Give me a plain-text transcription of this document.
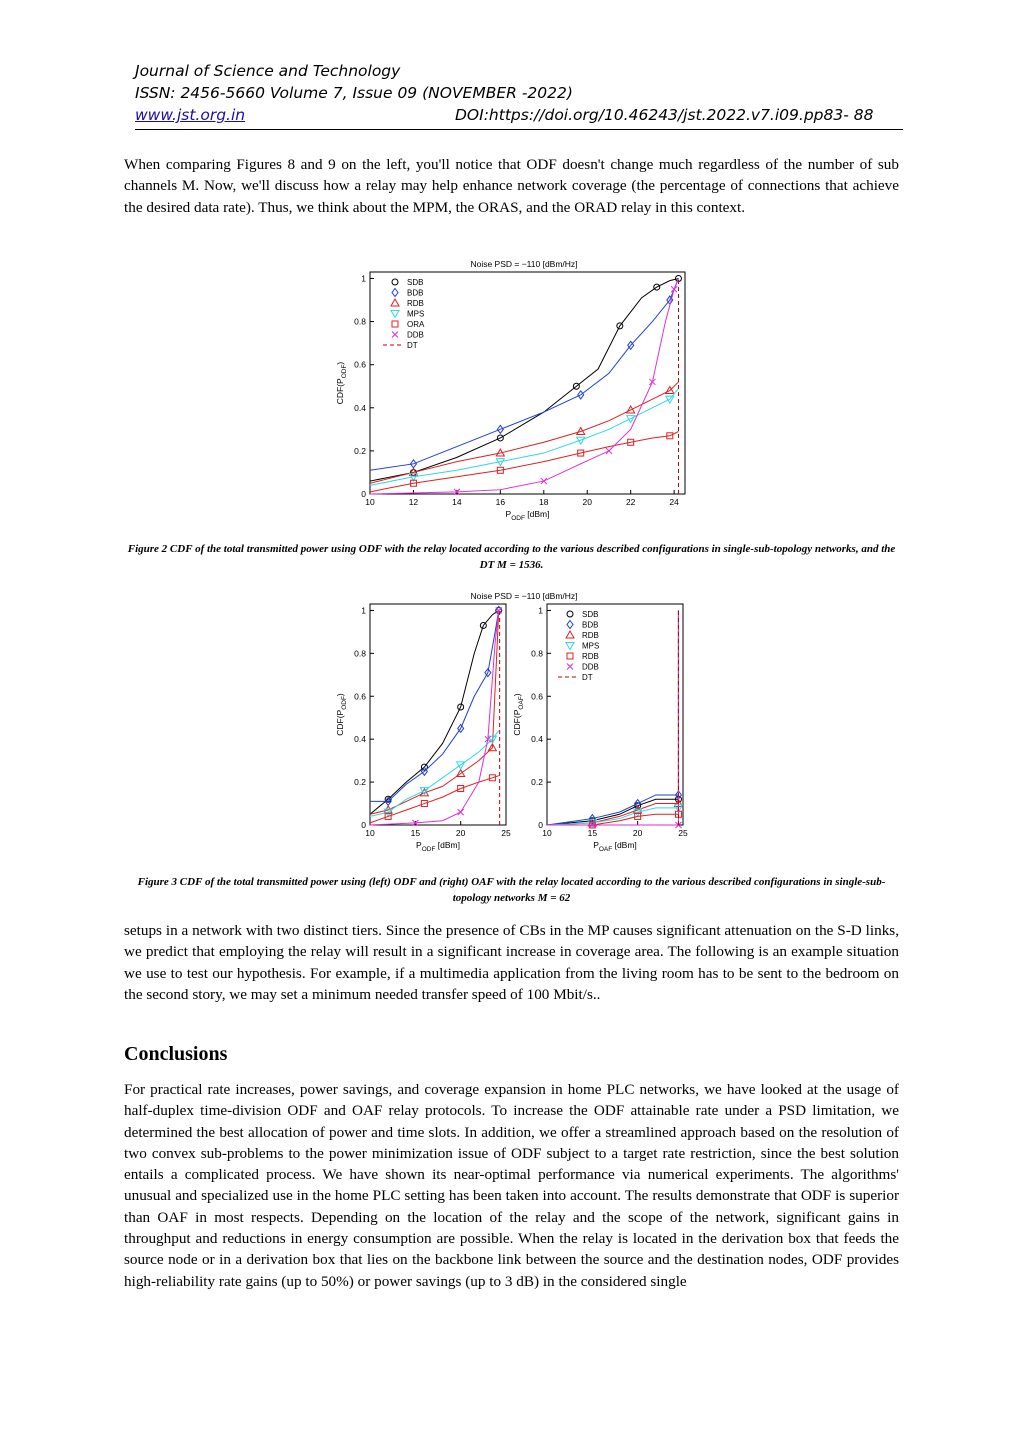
Journal of Science and Technology
ISSN: 2456-5660 Volume 7, Issue 09 (NOVEMBER -2022)
www.jst.org.in	DOI:https://doi.org/10.46243/jst.2022.v7.i09.pp83- 88
When comparing Figures 8 and 9 on the left, you'll notice that ODF doesn't change much regardless of the number of sub channels M. Now, we'll discuss how a relay may help enhance network coverage (the percentage of connections that achieve the desired data rate). Thus, we think about the MPM, the ORAS, and the ORAD relay in this context.
10	12	14	16	18	20	22	24
0
0.2
0.4
0.6
0.8
1
$CDF(P_{ODF})$
$P_{ODF}$ [dBm]
Noise PSD = −110 [dBm/Hz]
SDB
BDB
RDB
MPS
ORA
DDB
DT
Figure 2 CDF of the total transmitted power using ODF with the relay located according to the various described configurations in single-sub-topology networks, and the DT M = 1536.
10	15	20	25
0
0.2
0.4
0.6
0.8
1
$CDF(P_{ODF})$
$P_{ODF}$ [dBm]
Noise PSD = −110 [dBm/Hz]
10	15	20	25
0
0.2
0.4
0.6
0.8
1
$CDF(P_{OAF})$
$P_{OAF}$ [dBm]
SDB
BDB
RDB
MPS
RDB
DDB
DT
Figure 3 CDF of the total transmitted power using (left) ODF and (right) OAF with the relay located according to the various described configurations in single-sub-topology networks M = 62
setups in a network with two distinct tiers. Since the presence of CBs in the MP causes significant attenuation on the S-D links, we predict that employing the relay will result in a significant increase in coverage area. The following is an example situation we use to test our hypothesis. For example, if a multimedia application from the living room has to be sent to the bedroom on the second story, we may set a minimum needed transfer speed of 100 Mbit/s..
Conclusions
For practical rate increases, power savings, and coverage expansion in home PLC networks, we have looked at the usage of half-duplex time-division ODF and OAF relay protocols. To increase the ODF attainable rate under a PSD limitation, we determined the best allocation of power and time slots. In addition, we offer a streamlined approach based on the resolution of two convex sub-problems to the power minimization issue of ODF subject to a target rate restriction, since the best solution entails a complicated process. We have shown its near-optimal performance via numerical experiments. The algorithms' unusual and specialized use in the home PLC setting has been taken into account. The results demonstrate that ODF is superior than OAF in most respects. Depending on the location of the relay and the scope of the network, significant gains in throughput and reductions in energy consumption are possible. When the relay is located in the derivation box that feeds the source node or in a derivation box that lies on the backbone link between the source and the destination nodes, ODF provides high-reliability rate gains (up to 50%) or power savings (up to 3 dB) in the considered single
